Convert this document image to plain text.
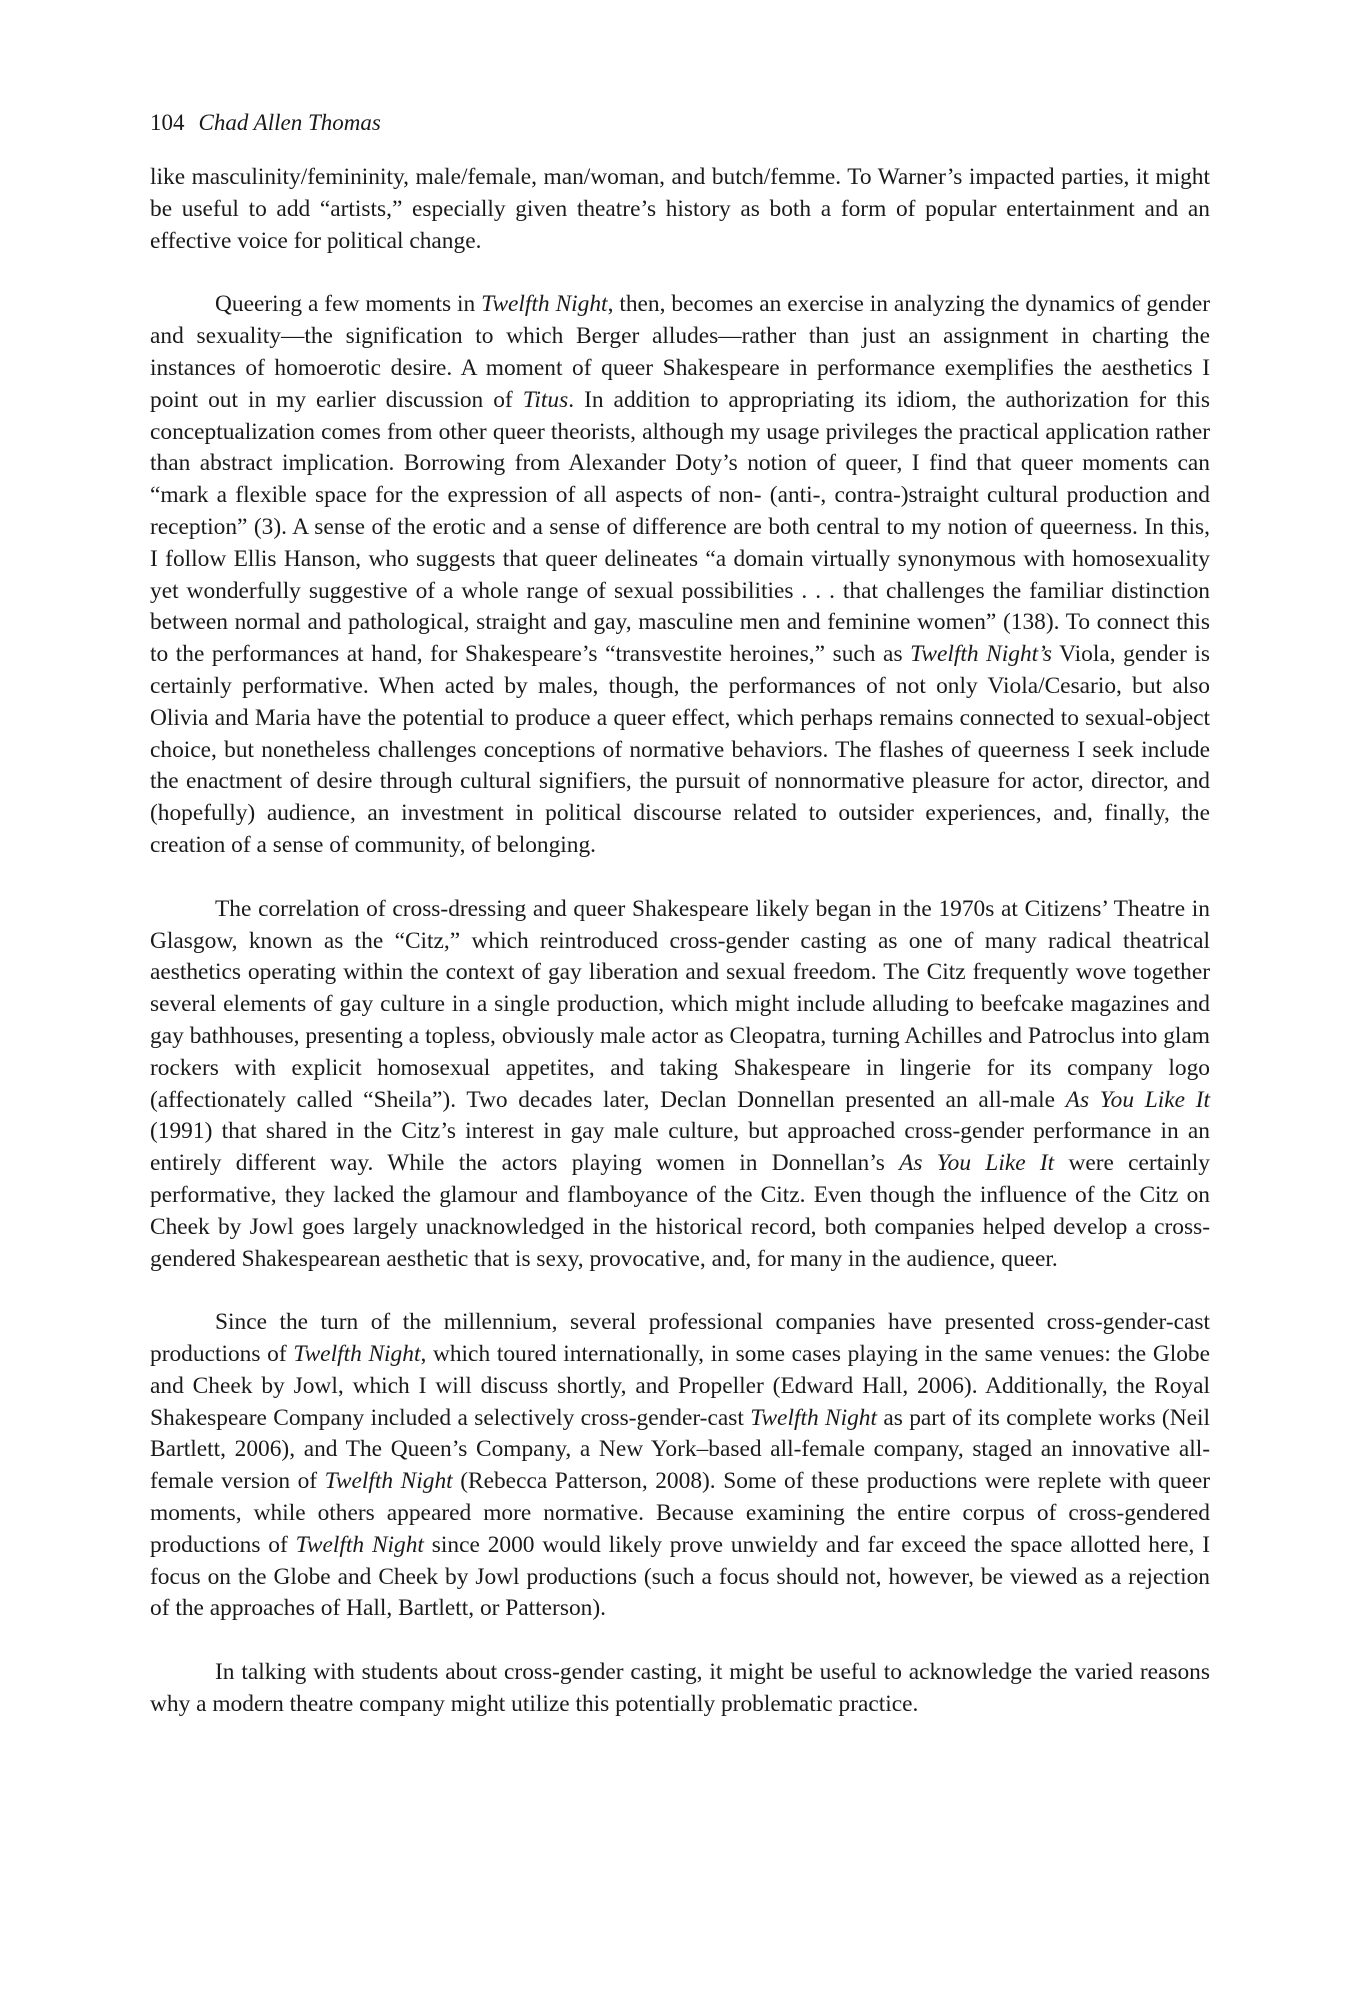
104 Chad Allen Thomas

like masculinity/femininity, male/female, man/woman, and butch/femme. To Warner’s impacted parties, it might be useful to add “artists,” especially given theatre’s history as both a form of popular entertainment and an effective voice for political change.

Queering a few moments in Twelfth Night, then, becomes an exercise in analyzing the dynamics of gender and sexuality—the signification to which Berger alludes—rather than just an assignment in charting the instances of homoerotic desire. A moment of queer Shakespeare in performance exemplifies the aesthetics I point out in my earlier discussion of Titus. In addition to appropriating its idiom, the authorization for this conceptualization comes from other queer theorists, although my usage privileges the practical application rather than abstract implication. Borrowing from Alexander Doty’s notion of queer, I find that queer moments can “mark a flexible space for the expression of all aspects of non- (anti-, contra-)straight cultural production and reception” (3). A sense of the erotic and a sense of difference are both central to my notion of queerness. In this, I follow Ellis Hanson, who suggests that queer delineates “a domain virtually synonymous with homosexuality yet wonderfully suggestive of a whole range of sexual possibilities . . . that challenges the familiar distinction between normal and pathological, straight and gay, masculine men and feminine women” (138). To connect this to the performances at hand, for Shakespeare’s “transvestite heroines,” such as Twelfth Night’s Viola, gender is certainly performative. When acted by males, though, the performances of not only Viola/Cesario, but also Olivia and Maria have the potential to produce a queer effect, which perhaps remains connected to sexual-object choice, but nonetheless challenges conceptions of normative behaviors. The flashes of queerness I seek include the enactment of desire through cultural signifiers, the pursuit of nonnormative pleasure for actor, director, and (hopefully) audience, an investment in political discourse related to outsider experiences, and, finally, the creation of a sense of community, of belonging.

The correlation of cross-dressing and queer Shakespeare likely began in the 1970s at Citizens’ Theatre in Glasgow, known as the “Citz,” which reintroduced cross-gender casting as one of many radical theatrical aesthetics operating within the context of gay liberation and sexual freedom. The Citz frequently wove together several elements of gay culture in a single production, which might include alluding to beefcake magazines and gay bathhouses, presenting a topless, obviously male actor as Cleopatra, turning Achilles and Patroclus into glam rockers with explicit homosexual appetites, and taking Shakespeare in lingerie for its company logo (affectionately called “Sheila”). Two decades later, Declan Donnellan presented an all-male As You Like It (1991) that shared in the Citz’s interest in gay male culture, but approached cross-gender performance in an entirely different way. While the actors playing women in Donnellan’s As You Like It were certainly performative, they lacked the glamour and flamboyance of the Citz. Even though the influence of the Citz on Cheek by Jowl goes largely unacknowledged in the historical record, both companies helped develop a cross-gendered Shakespearean aesthetic that is sexy, provocative, and, for many in the audience, queer.

Since the turn of the millennium, several professional companies have presented cross-gender-cast productions of Twelfth Night, which toured internationally, in some cases playing in the same venues: the Globe and Cheek by Jowl, which I will discuss shortly, and Propeller (Edward Hall, 2006). Additionally, the Royal Shakespeare Company included a selectively cross-gender-cast Twelfth Night as part of its complete works (Neil Bartlett, 2006), and The Queen’s Company, a New York–based all-female company, staged an innovative all-female version of Twelfth Night (Rebecca Patterson, 2008). Some of these productions were replete with queer moments, while others appeared more normative. Because examining the entire corpus of cross-gendered productions of Twelfth Night since 2000 would likely prove unwieldy and far exceed the space allotted here, I focus on the Globe and Cheek by Jowl productions (such a focus should not, however, be viewed as a rejection of the approaches of Hall, Bartlett, or Patterson).

In talking with students about cross-gender casting, it might be useful to acknowledge the varied reasons why a modern theatre company might utilize this potentially problematic practice.
